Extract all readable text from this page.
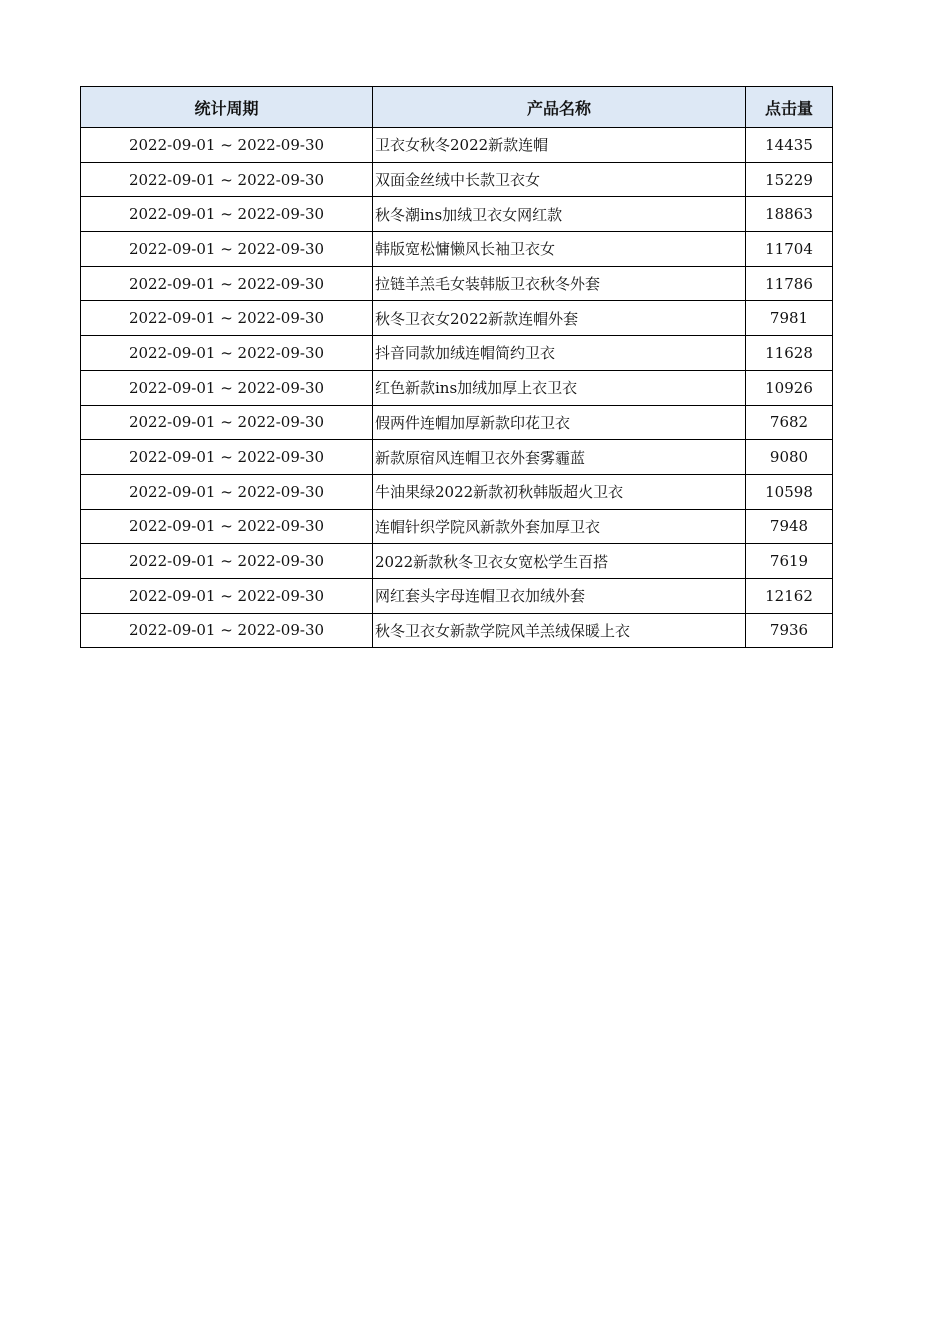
统计周期	产品名称	点击量
2022-09-01 ~ 2022-09-30	卫衣女秋冬2022新款连帽	14435
2022-09-01 ~ 2022-09-30	双面金丝绒中长款卫衣女	15229
2022-09-01 ~ 2022-09-30	秋冬潮ins加绒卫衣女网红款	18863
2022-09-01 ~ 2022-09-30	韩版宽松慵懒风长袖卫衣女	11704
2022-09-01 ~ 2022-09-30	拉链羊羔毛女装韩版卫衣秋冬外套	11786
2022-09-01 ~ 2022-09-30	秋冬卫衣女2022新款连帽外套	7981
2022-09-01 ~ 2022-09-30	抖音同款加绒连帽简约卫衣	11628
2022-09-01 ~ 2022-09-30	红色新款ins加绒加厚上衣卫衣	10926
2022-09-01 ~ 2022-09-30	假两件连帽加厚新款印花卫衣	7682
2022-09-01 ~ 2022-09-30	新款原宿风连帽卫衣外套雾霾蓝	9080
2022-09-01 ~ 2022-09-30	牛油果绿2022新款初秋韩版超火卫衣	10598
2022-09-01 ~ 2022-09-30	连帽针织学院风新款外套加厚卫衣	7948
2022-09-01 ~ 2022-09-30	2022新款秋冬卫衣女宽松学生百搭	7619
2022-09-01 ~ 2022-09-30	网红套头字母连帽卫衣加绒外套	12162
2022-09-01 ~ 2022-09-30	秋冬卫衣女新款学院风羊羔绒保暖上衣	7936
